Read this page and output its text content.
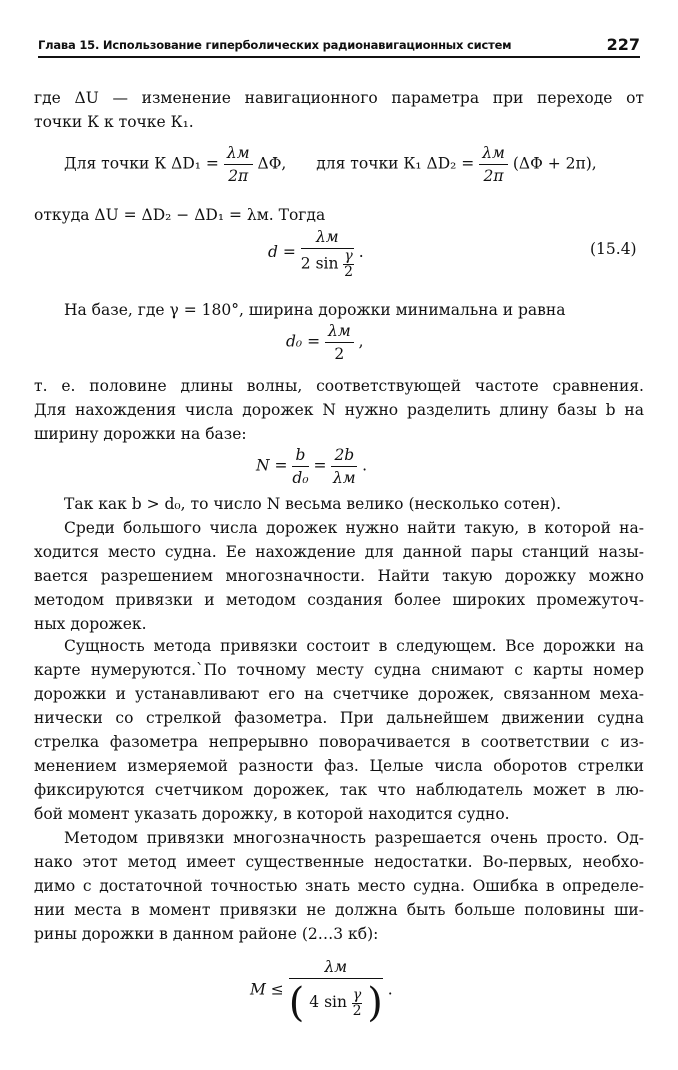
Глава 15. Использование гиперболических радионавигационных систем	227
где ΔU — изменение навигационного параметра при переходе от
точки К к точке К₁.
Для точки К $\Delta D_1 = \frac{\lambda м}{2\pi} \Delta\Phi$, для точки К₁ $\Delta D_2 = \frac{\lambda м}{2\pi} (\Delta\Phi + 2\pi)$,
откуда ΔU = ΔD₂ − ΔD₁ = λм. Тогда
$d = \frac{\lambda м}{2 \sin \frac{\gamma}{2}}$ .	(15.4)
На базе, где γ = 180°, ширина дорожки минимальна и равна
$d_0 = \frac{\lambda м}{2}$ ,
т. е. половине длины волны, соответствующей частоте сравнения.
Для нахождения числа дорожек N нужно разделить длину базы b на
ширину дорожки на базе:
$N = \frac{b}{\text{d₀}} = \frac{2b}{\lambda м}$ .
Так как b > d₀, то число N весьма велико (несколько сотен).
Среди большого числа дорожек нужно найти такую, в которой на-
ходится место судна. Ее нахождение для данной пары станций назы-
вается разрешением многозначности. Найти такую дорожку можно
методом привязки и методом создания более широких промежуточ-
ных дорожек.
Сущность метода привязки состоит в следующем. Все дорожки на
карте нумеруются.`По точному месту судна снимают с карты номер
дорожки и устанавливают его на счетчике дорожек, связанном меха-
нически со стрелкой фазометра. При дальнейшем движении судна
стрелка фазометра непрерывно поворачивается в соответствии с из-
менением измеряемой разности фаз. Целые числа оборотов стрелки
фиксируются счетчиком дорожек, так что наблюдатель может в лю-
бой момент указать дорожку, в которой находится судно.
Методом привязки многозначность разрешается очень просто. Од-
нако этот метод имеет существенные недостатки. Во-первых, необхо-
димо с достаточной точностью знать место судна. Ошибка в определе-
нии места в момент привязки не должна быть больше половины ши-
рины дорожки в данном районе (2…3 кб):
M ≤
λм
( 4 $\sin \frac{\gamma}{2}$ ) .
